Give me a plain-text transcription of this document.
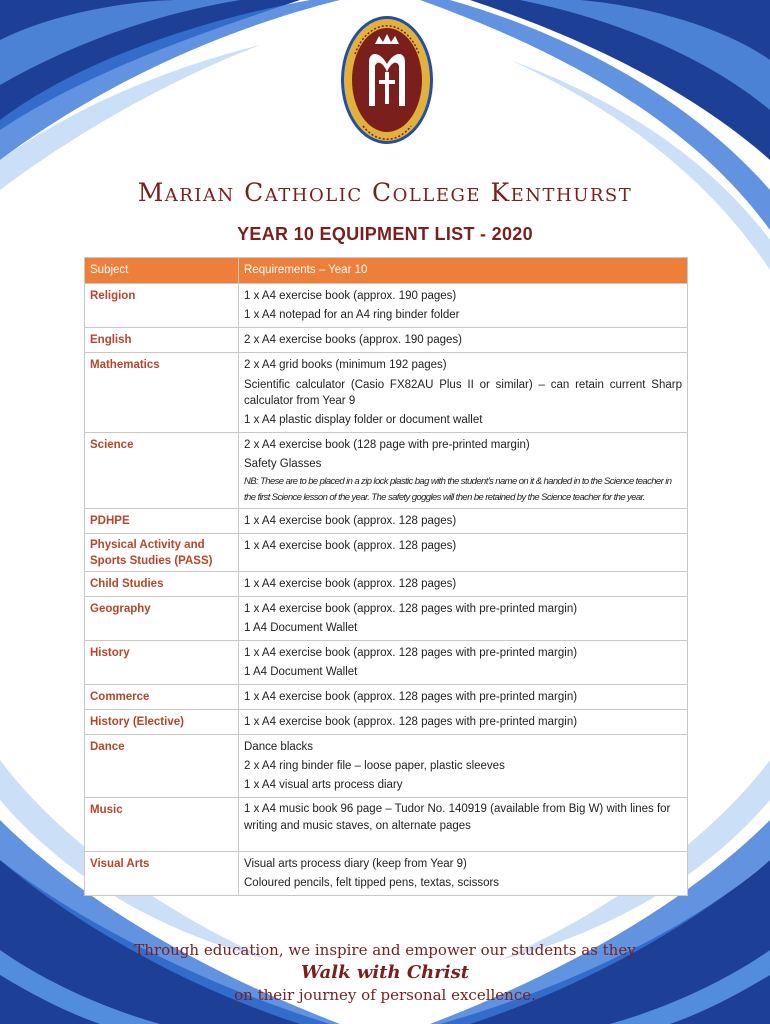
Marian Catholic College Kenthurst
YEAR 10 EQUIPMENT LIST - 2020
Subject	Requirements – Year 10
Religion	1 x A4 exercise book (approx. 190 pages)
1 x A4 notepad for an A4 ring binder folder

English	2 x A4 exercise books (approx. 190 pages)

Mathematics	2 x A4 grid books (minimum 192 pages)
Scientific calculator (Casio FX82AU Plus II or similar) – can retain current Sharp calculator from Year 9
1 x A4 plastic display folder or document wallet

Science	2 x A4 exercise book (128 page with pre-printed margin)
Safety Glasses
NB: These are to be placed in a zip lock plastic bag with the student’s name on it & handed in to the Science teacher in the first Science lesson of the year. The safety goggles will then be retained by the Science teacher for the year.

PDHPE	1 x A4 exercise book (approx. 128 pages)

Physical Activity and Sports Studies (PASS)	1 x A4 exercise book (approx. 128 pages)

Child Studies	1 x A4 exercise book (approx. 128 pages)

Geography	1 x A4 exercise book (approx. 128 pages with pre-printed margin)
1 A4 Document Wallet

History	1 x A4 exercise book (approx. 128 pages with pre-printed margin)
1 A4 Document Wallet

Commerce	1 x A4 exercise book (approx. 128 pages with pre-printed margin)

History (Elective)	1 x A4 exercise book (approx. 128 pages with pre-printed margin)

Dance	Dance blacks
2 x A4 ring binder file – loose paper, plastic sleeves
1 x A4 visual arts process diary

Music	1 x A4 music book 96 page – Tudor No. 140919 (available from Big W) with lines for writing and music staves, on alternate pages

Visual Arts	Visual arts process diary (keep from Year 9)
Coloured pencils, felt tipped pens, textas, scissors
Through education, we inspire and empower our students as they
Walk with Christ
on their journey of personal excellence.
